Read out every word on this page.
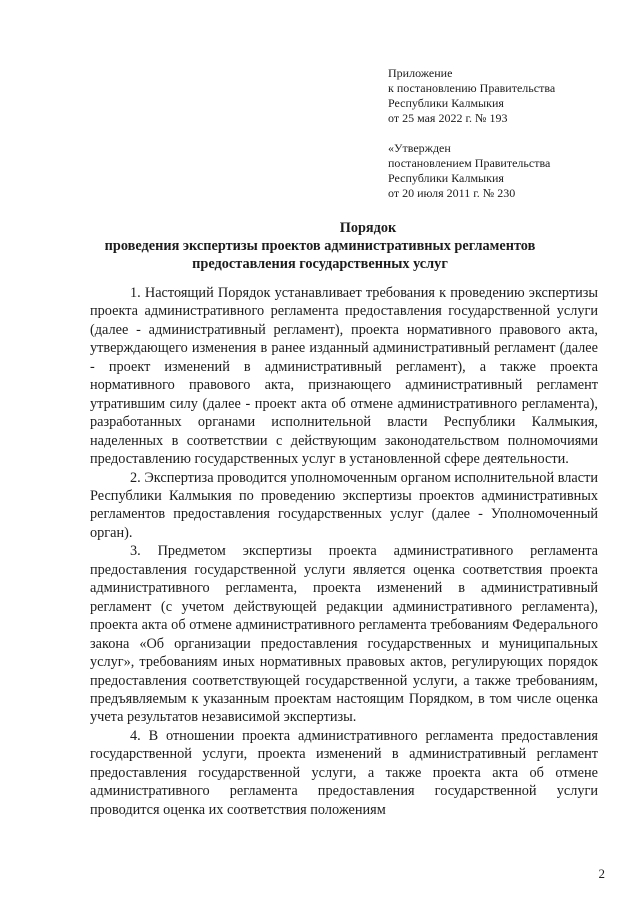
Приложение
к постановлению Правительства
Республики Калмыкия
от 25 мая 2022 г. № 193
«Утвержден
постановлением Правительства
Республики Калмыкия
от 20 июля 2011 г. № 230
Порядок
проведения экспертизы проектов административных регламентов
предоставления государственных услуг

1. Настоящий Порядок устанавливает требования к проведению экспертизы проекта административного регламента предоставления государственной услуги (далее - административный регламент), проекта нормативного правового акта, утверждающего изменения в ранее изданный административный регламент (далее - проект изменений в административный регламент), а также проекта нормативного правового акта, признающего административный регламент утратившим силу (далее - проект акта об отмене административного регламента), разработанных органами исполнительной власти Республики Калмыкия, наделенных в соответствии с действующим законодательством полномочиями предоставлению государственных услуг в установленной сфере деятельности.

2. Экспертиза проводится уполномоченным органом исполнительной власти Республики Калмыкия по проведению экспертизы проектов административных регламентов предоставления государственных услуг (далее - Уполномоченный орган).

3. Предметом экспертизы проекта административного регламента предоставления государственной услуги является оценка соответствия проекта административного регламента, проекта изменений в административный регламент (с учетом действующей редакции административного регламента), проекта акта об отмене административного регламента требованиям Федерального закона «Об организации предоставления государственных и муниципальных услуг», требованиям иных нормативных правовых актов, регулирующих порядок предоставления соответствующей государственной услуги, а также требованиям, предъявляемым к указанным проектам настоящим Порядком, в том числе оценка учета результатов независимой экспертизы.

4. В отношении проекта административного регламента предоставления государственной услуги, проекта изменений в административный регламент предоставления государственной услуги, а также проекта акта об отмене административного регламента предоставления государственной услуги проводится оценка их соответствия положениям

2
